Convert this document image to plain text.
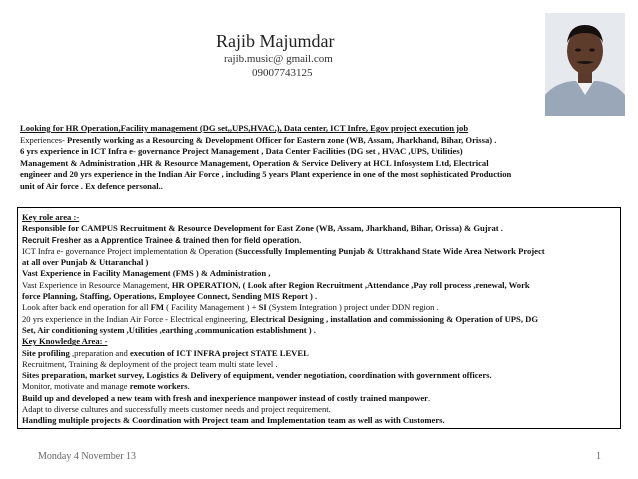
Rajib Majumdar
rajib.music@ gmail.com
09007743125

Looking for HR Operation,Facility management (DG set,,UPS,HVAC,), Data center, ICT Infre, Egov project execution job

Experiences- Presently working as a Resourcing & Development Officer for Eastern zone (WB, Assam, Jharkhand, Bihar, Orissa) .

6 yrs experience in ICT Infra e- governance Project Management , Data Center Facilities (DG set , HVAC ,UPS, Utilities)

Management & Administration ,HR & Resource Management, Operation & Service Delivery at HCL Infosystem Ltd, Electrical

engineer and 20 yrs experience in the Indian Air Force , including 5 years Plant experience in one of the most sophisticated Production

unit of Air force . Ex defence personal..

Key role area :-

Responsible for CAMPUS Recruitment & Resource Development for East Zone (WB, Assam, Jharkhand, Bihar, Orissa) & Gujrat .

Recruit Fresher as a Apprentice Trainee & trained then for field operation.

ICT Infra e- governance Project implementation & Operation (Successfully Implementing Punjab & Uttrakhand State Wide Area Network Project

at all over Punjab & Uttaranchal )

Vast Experience in Facility Management (FMS ) & Administration ,

Vast Experience in Resource Management, HR OPERATION, ( Look after Region Recruitment ,Attendance ,Pay roll process ,renewal, Work

force Planning, Staffing, Operations, Employee Connect, Sending MIS Report ) .

Look after back end operation for all FM ( Facility Management ) + SI (System Integration ) project under DDN region .

20 yrs experience in the Indian Air Force - Electrical engineering, Electrical Designing , installation and commissioning & Operation of UPS, DG

Set, Air conditioning system ,Utilities ,earthing ,communication establishment ) .

Key Knowledge Area: -

Site profiling ,preparation and execution of ICT INFRA project STATE LEVEL

Recruitment, Training & deployment of the project team multi state level .

Sites preparation, market survey, Logistics & Delivery of equipment, vender negotiation, coordination with government officers.

Monitor, motivate and manage remote workers.

Build up and developed a new team with fresh and inexperience manpower instead of costly trained manpower.

Adapt to diverse cultures and successfully meets customer needs and project requirement.

Handling multiple projects & Coordination with Project team and Implementation team as well as with Customers.

Monday 4 November 13	1
